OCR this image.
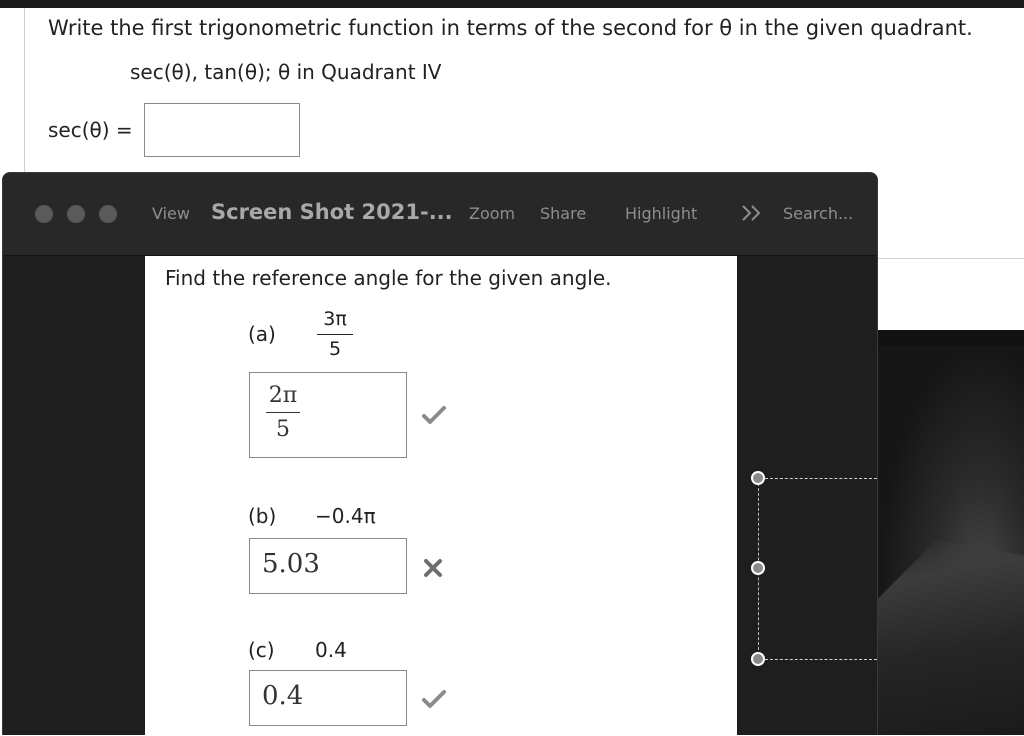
Write the first trigonometric function in terms of the second for θ in the given quadrant.
sec(θ), tan(θ); θ in Quadrant IV
sec(θ) =
View Screen Shot 2021-... Zoom Share Highlight	Search...
Find the reference angle for the given angle.
(a)
3π
5
2π
5
(b) −0.4π
5.03
(c) 0.4
0.4
